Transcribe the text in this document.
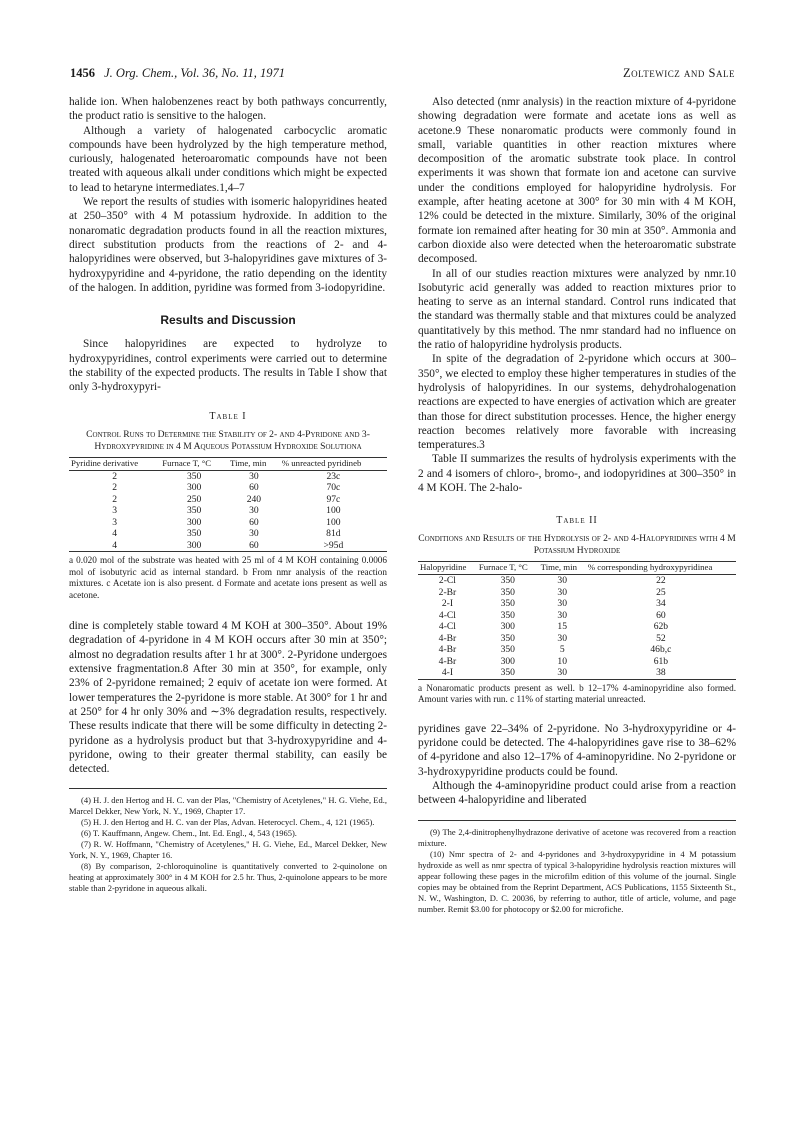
1456 J. Org. Chem., Vol. 36, No. 11, 1971	Zoltewicz and Sale

halide ion. When halobenzenes react by both pathways concurrently, the product ratio is sensitive to the halogen.

Although a variety of halogenated carbocyclic aromatic compounds have been hydrolyzed by the high temperature method, curiously, halogenated heteroaromatic compounds have not been treated with aqueous alkali under conditions which might be expected to lead to hetaryne intermediates.1,4–7

We report the results of studies with isomeric halopyridines heated at 250–350° with 4 M potassium hydroxide. In addition to the nonaromatic degradation products found in all the reaction mixtures, direct substitution products from the reactions of 2- and 4-halopyridines were observed, but 3-halopyridines gave mixtures of 3-hydroxypyridine and 4-pyridone, the ratio depending on the identity of the halogen. In addition, pyridine was formed from 3-iodopyridine.

Results and Discussion

Since halopyridines are expected to hydrolyze to hydroxypyridines, control experiments were carried out to determine the stability of the expected products. The results in Table I show that only 3-hydroxypyri-

Table I
Control Runs to Determine the Stability of 2- and 4-Pyridone and 3-Hydroxypyridine in 4 M Aqueous Potassium Hydroxide Solutiona
Pyridine derivative	Furnace T, °C	Time, min	% unreacted pyridineb
2	350	30	23c
2	300	60	70c
2	250	240	97c
3	350	30	100
3	300	60	100
4	350	30	81d
4	300	60	>95d
a 0.020 mol of the substrate was heated with 25 ml of 4 M KOH containing 0.0006 mol of isobutyric acid as internal standard. b From nmr analysis of the reaction mixtures. c Acetate ion is also present. d Formate and acetate ions present as well as acetone.

dine is completely stable toward 4 M KOH at 300–350°. About 19% degradation of 4-pyridone in 4 M KOH occurs after 30 min at 350°; almost no degradation results after 1 hr at 300°. 2-Pyridone undergoes extensive fragmentation.8 After 30 min at 350°, for example, only 23% of 2-pyridone remained; 2 equiv of acetate ion were formed. At lower temperatures the 2-pyridone is more stable. At 300° for 1 hr and at 250° for 4 hr only 30% and ∼3% degradation results, respectively. These results indicate that there will be some difficulty in detecting 2-pyridone as a hydrolysis product but that 3-hydroxypyridine and 4-pyridone, owing to their greater thermal stability, can easily be detected.

(4) H. J. den Hertog and H. C. van der Plas, "Chemistry of Acetylenes," H. G. Viehe, Ed., Marcel Dekker, New York, N. Y., 1969, Chapter 17.

(5) H. J. den Hertog and H. C. van der Plas, Advan. Heterocycl. Chem., 4, 121 (1965).

(6) T. Kauffmann, Angew. Chem., Int. Ed. Engl., 4, 543 (1965).

(7) R. W. Hoffmann, "Chemistry of Acetylenes," H. G. Viehe, Ed., Marcel Dekker, New York, N. Y., 1969, Chapter 16.

(8) By comparison, 2-chloroquinoline is quantitatively converted to 2-quinolone on heating at approximately 300° in 4 M KOH for 2.5 hr. Thus, 2-quinolone appears to be more stable than 2-pyridone in aqueous alkali.

Also detected (nmr analysis) in the reaction mixture of 4-pyridone showing degradation were formate and acetate ions as well as acetone.9 These nonaromatic products were commonly found in small, variable quantities in other reaction mixtures where decomposition of the aromatic substrate took place. In control experiments it was shown that formate ion and acetone can survive under the conditions employed for halopyridine hydrolysis. For example, after heating acetone at 300° for 30 min with 4 M KOH, 12% could be detected in the mixture. Similarly, 30% of the original formate ion remained after heating for 30 min at 350°. Ammonia and carbon dioxide also were detected when the heteroaromatic substrate decomposed.

In all of our studies reaction mixtures were analyzed by nmr.10 Isobutyric acid generally was added to reaction mixtures prior to heating to serve as an internal standard. Control runs indicated that the standard was thermally stable and that mixtures could be analyzed quantitatively by this method. The nmr standard had no influence on the ratio of halopyridine hydrolysis products.

In spite of the degradation of 2-pyridone which occurs at 300–350°, we elected to employ these higher temperatures in studies of the hydrolysis of halopyridines. In our systems, dehydrohalogenation reactions are expected to have energies of activation which are greater than those for direct substitution processes. Hence, the higher energy reaction becomes relatively more favorable with increasing temperatures.3

Table II summarizes the results of hydrolysis experiments with the 2 and 4 isomers of chloro-, bromo-, and iodopyridines at 300–350° in 4 M KOH. The 2-halo-

Table II
Conditions and Results of the Hydrolysis of 2- and 4-Halopyridines with 4 M Potassium Hydroxide
Halopyridine	Furnace T, °C	Time, min	% corresponding hydroxypyridinea
2-Cl	350	30	22
2-Br	350	30	25
2-I	350	30	34
4-Cl	350	30	60
4-Cl	300	15	62b
4-Br	350	30	52
4-Br	350	5	46b,c
4-Br	300	10	61b
4-I	350	30	38
a Nonaromatic products present as well. b 12–17% 4-aminopyridine also formed. Amount varies with run. c 11% of starting material unreacted.

pyridines gave 22–34% of 2-pyridone. No 3-hydroxypyridine or 4-pyridone could be detected. The 4-halopyridines gave rise to 38–62% of 4-pyridone and also 12–17% of 4-aminopyridine. No 2-pyridone or 3-hydroxypyridine products could be found.

Although the 4-aminopyridine product could arise from a reaction between 4-halopyridine and liberated

(9) The 2,4-dinitrophenylhydrazone derivative of acetone was recovered from a reaction mixture.

(10) Nmr spectra of 2- and 4-pyridones and 3-hydroxypyridine in 4 M potassium hydroxide as well as nmr spectra of typical 3-halopyridine hydrolysis reaction mixtures will appear following these pages in the microfilm edition of this volume of the journal. Single copies may be obtained from the Reprint Department, ACS Publications, 1155 Sixteenth St., N. W., Washington, D. C. 20036, by referring to author, title of article, volume, and page number. Remit $3.00 for photocopy or $2.00 for microfiche.
